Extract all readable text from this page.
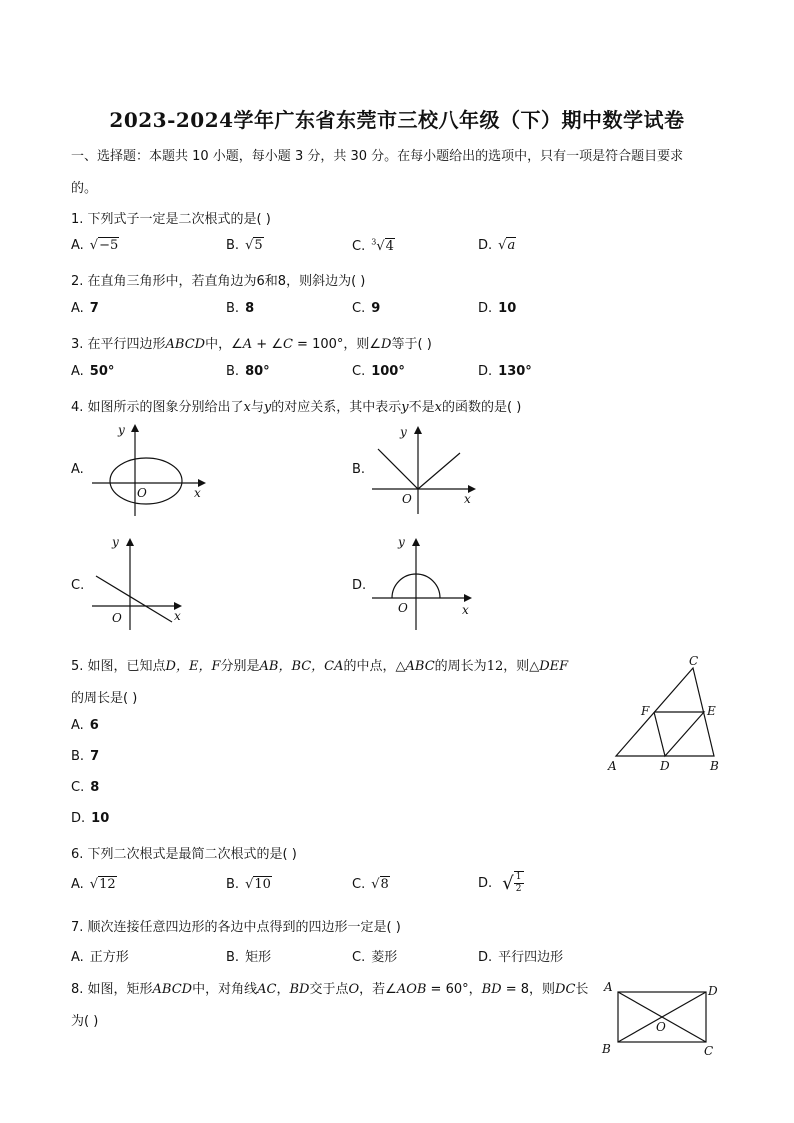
2023-2024学年广东省东莞市三校八年级（下）期中数学试卷
一、选择题：本题共 10 小题，每小题 3 分，共 30 分。在每小题给出的选项中，只有一项是符合题目要求
的。
1. 下列式子一定是二次根式的是( )
A. √−5	B. √5	C. $^3$√4	D. √a
2. 在直角三角形中，若直角边为6和8，则斜边为( )
A. 7	B. 8	C. 9	D. 10
3. 在平行四边形ABCD中，∠A + ∠C = 100°，则∠D等于( )
A. 50°	B. 80°	C. 100°	D. 130°
4. 如图所示的图象分别给出了x与y的对应关系，其中表示y不是x的函数的是( )
A.
y
O	x
B.
y
O	x
C.
y
O	x
D.
y
O	x
5. 如图，已知点D，E，F分别是AB，BC，CA的中点，△ABC的周长为12，则△DEF
的周长是( )
A. 6
B. 7
C. 8
D. 10
A	B
C
D
E
F
6. 下列二次根式是最简二次根式的是( )
A. √12	B. √10	C. √8	D. √ $\frac{1}{2}$
7. 顺次连接任意四边形的各边中点得到的四边形一定是( )
A. 正方形	B. 矩形	C. 菱形	D. 平行四边形
8. 如图，矩形ABCD中，对角线AC，BD交于点O，若∠AOB = 60°，BD = 8，则DC长
为( )
A
B	C
D
O
